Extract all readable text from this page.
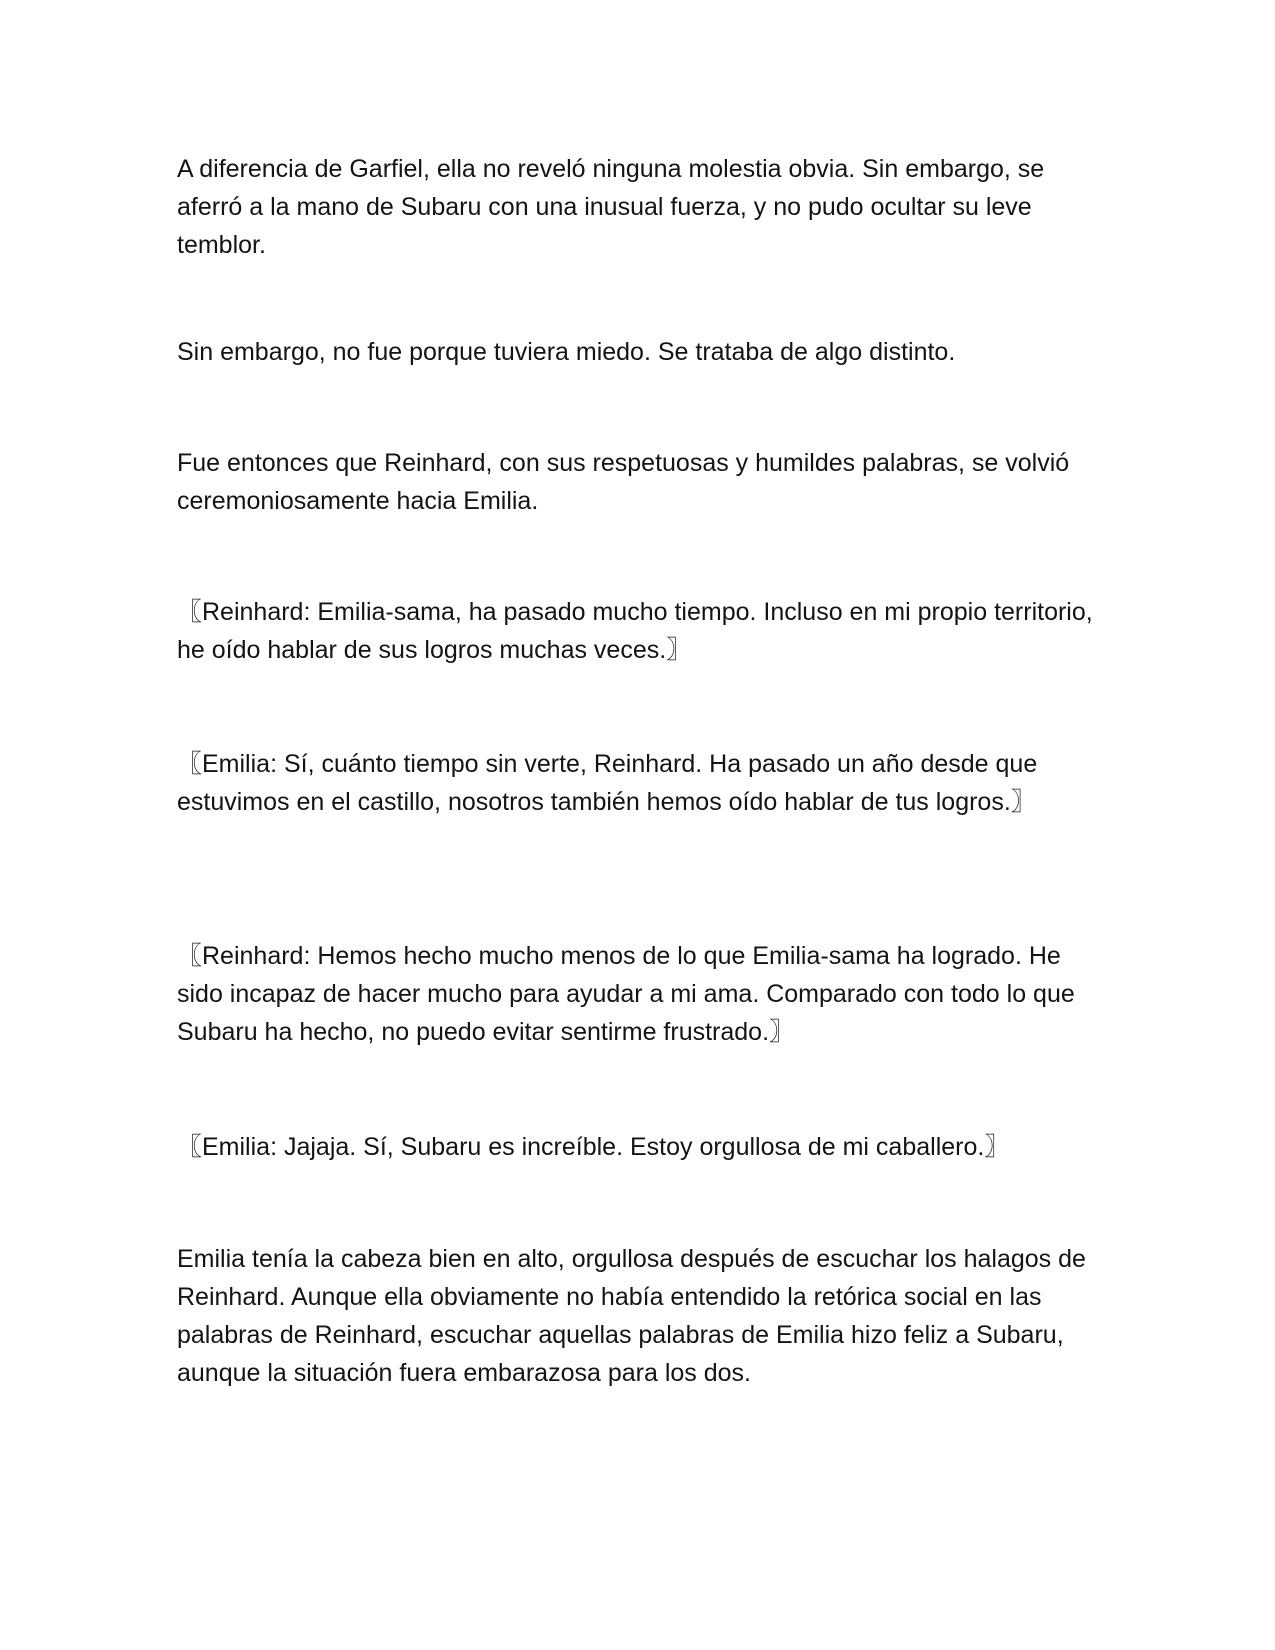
A diferencia de Garfiel, ella no reveló ninguna molestia obvia. Sin embargo, se aferró a la mano de Subaru con una inusual fuerza, y no pudo ocultar su leve temblor.

Sin embargo, no fue porque tuviera miedo. Se trataba de algo distinto.

Fue entonces que Reinhard, con sus respetuosas y humildes palabras, se volvió ceremoniosamente hacia Emilia.

〖Reinhard: Emilia-sama, ha pasado mucho tiempo. Incluso en mi propio territorio, he oído hablar de sus logros muchas veces.〗

〖Emilia: Sí, cuánto tiempo sin verte, Reinhard. Ha pasado un año desde que estuvimos en el castillo, nosotros también hemos oído hablar de tus logros.〗

〖Reinhard: Hemos hecho mucho menos de lo que Emilia-sama ha logrado. He sido incapaz de hacer mucho para ayudar a mi ama. Comparado con todo lo que Subaru ha hecho, no puedo evitar sentirme frustrado.〗

〖Emilia: Jajaja. Sí, Subaru es increíble. Estoy orgullosa de mi caballero.〗

Emilia tenía la cabeza bien en alto, orgullosa después de escuchar los halagos de Reinhard. Aunque ella obviamente no había entendido la retórica social en las palabras de Reinhard, escuchar aquellas palabras de Emilia hizo feliz a Subaru, aunque la situación fuera embarazosa para los dos.
